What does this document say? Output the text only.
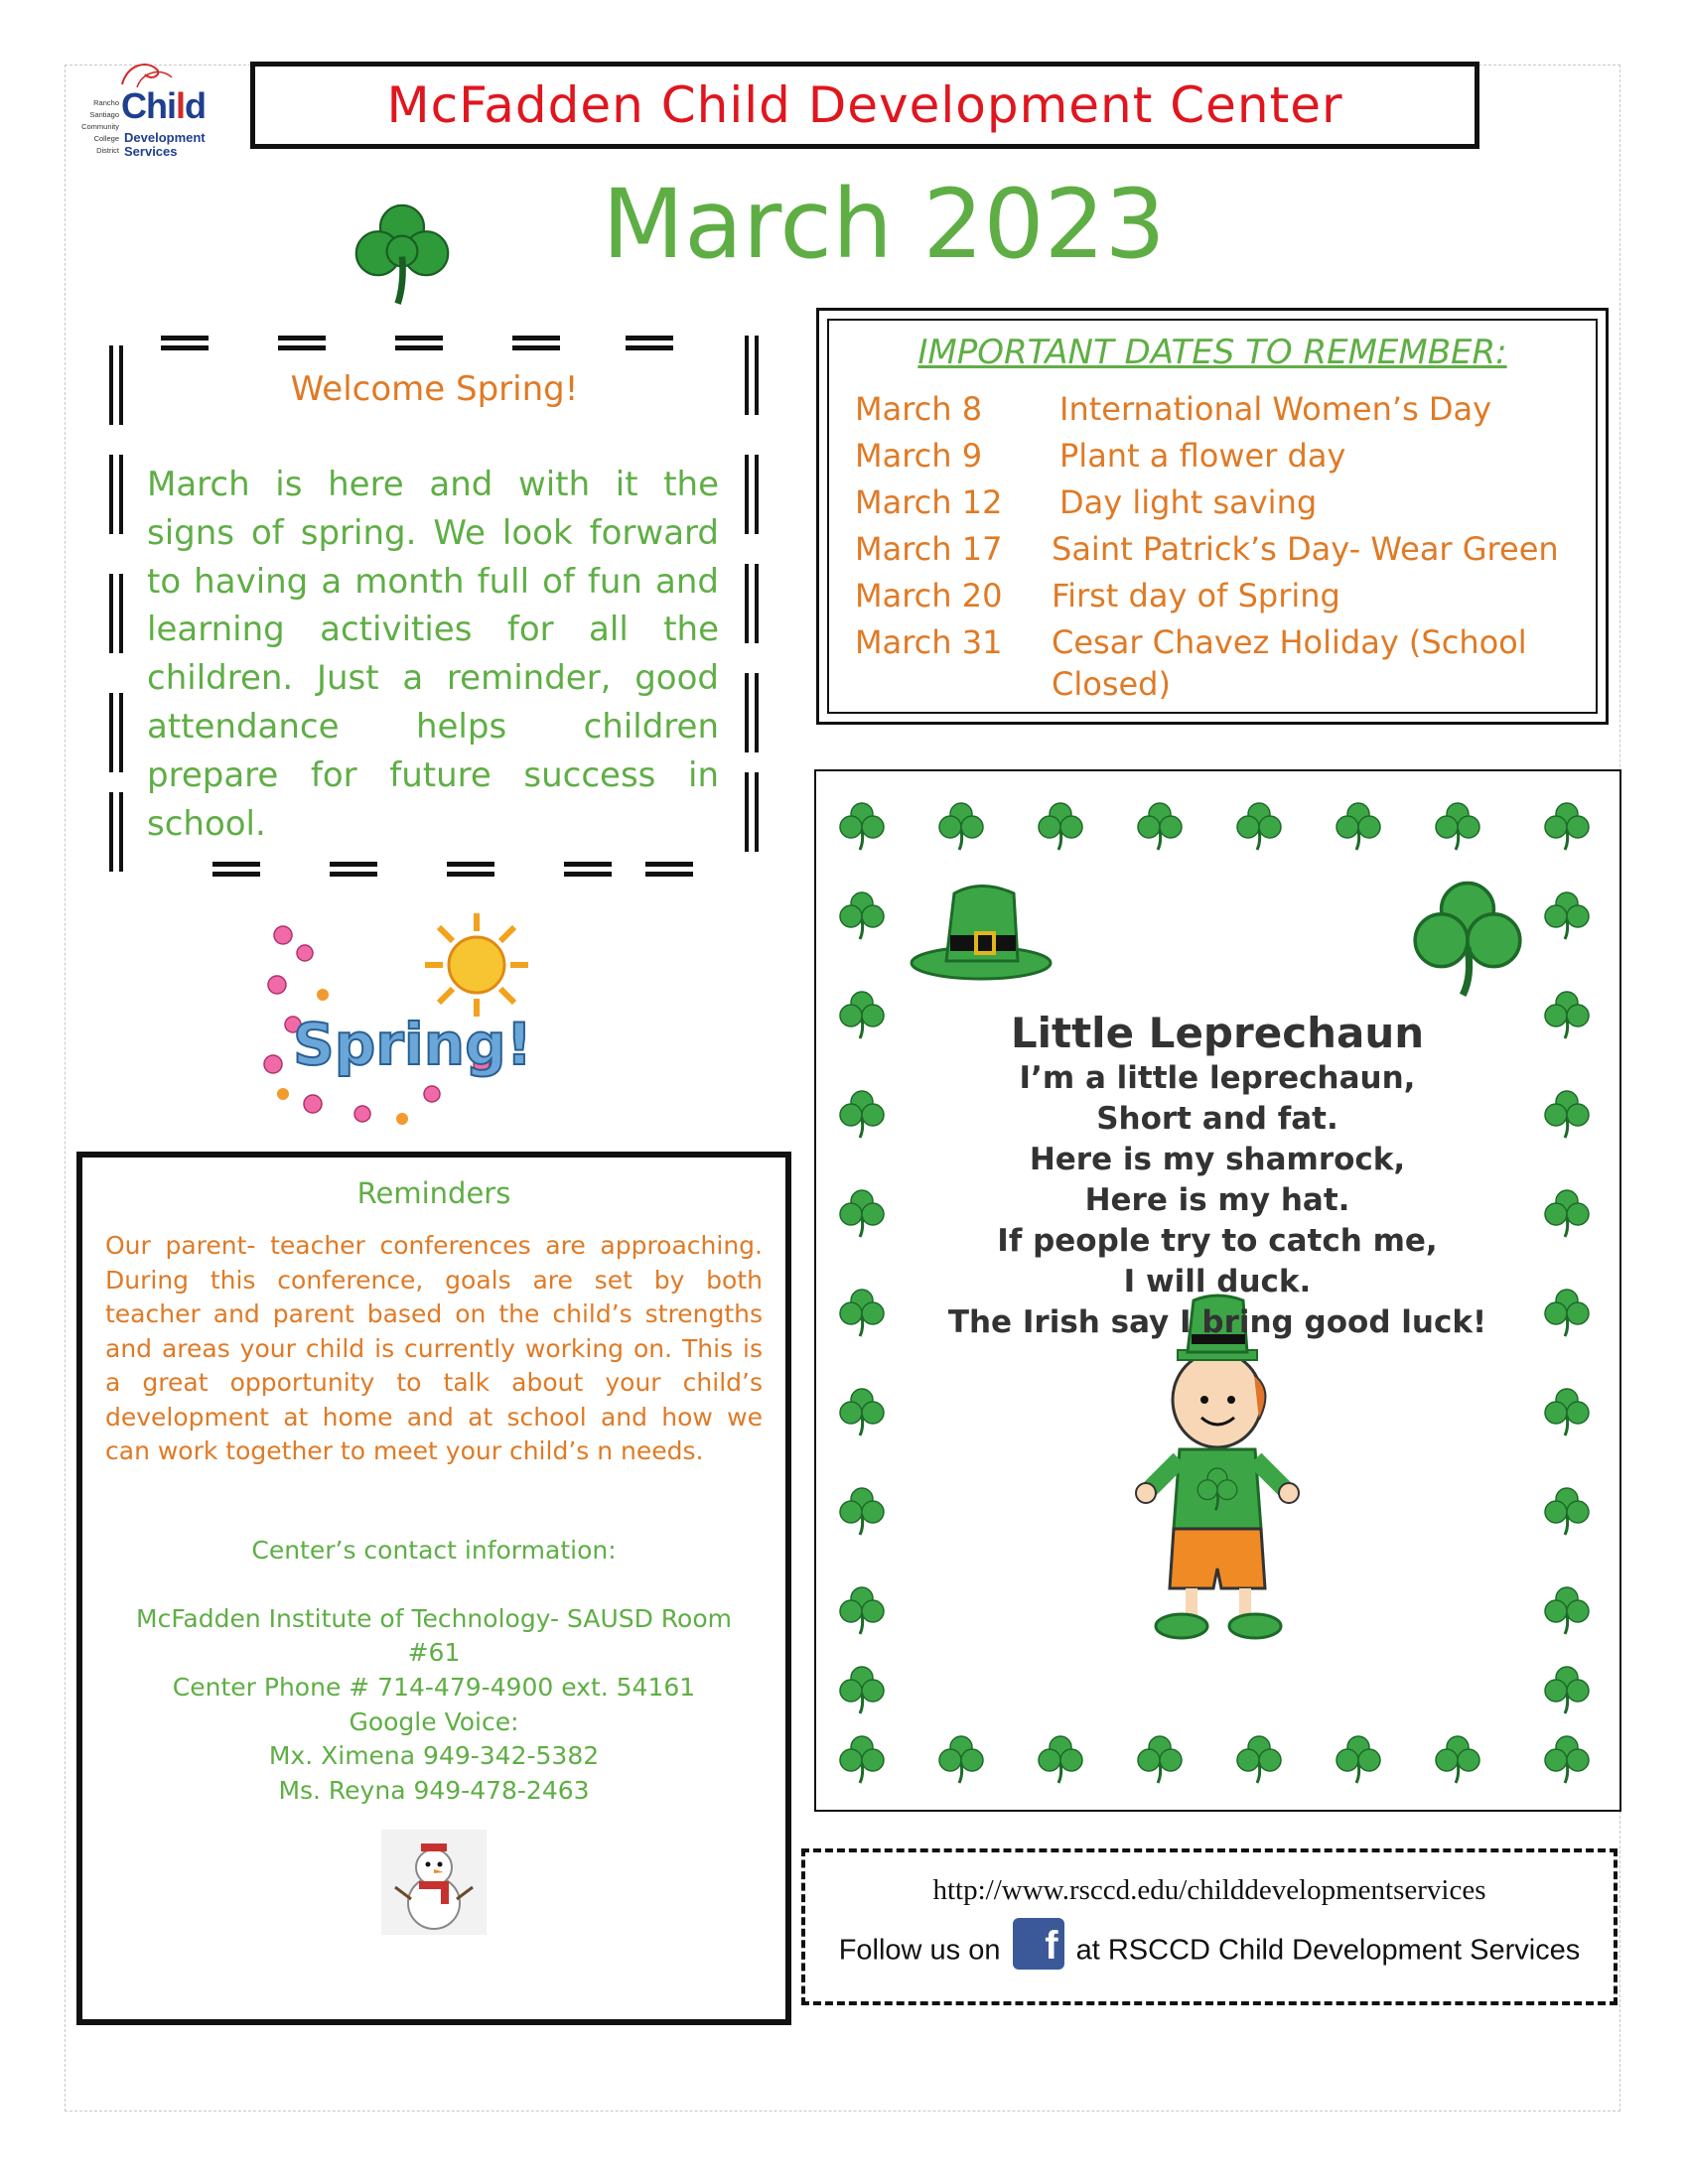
Rancho
Santiago
Community
College
District
Child
Development
Services
McFadden Child Development Center
March 2023
Welcome Spring!
March is here and with it the signs of spring. We look forward to having a month full of fun and learning activities for all the children. Just a reminder, good attendance helps children prepare for future success in school.
IMPORTANT DATES TO REMEMBER:
March 8 International Women’s Day
March 9 Plant a flower day
March 12 Day light saving
March 17 Saint Patrick’s Day- Wear Green
March 20 First day of Spring
March 31 Cesar Chavez Holiday (School
Closed)
Little Leprechaun
I’m a little leprechaun,
Short and fat.
Here is my shamrock,
Here is my hat.
If people try to catch me,
I will duck.
The Irish say I bring good luck!
Spring!
Reminders
Our parent- teacher conferences are approaching. During this conference, goals are set by both teacher and parent based on the child’s strengths and areas your child is currently working on. This is a great opportunity to talk about your child’s development at home and at school and how we can work together to meet your child’s n needs.
Center’s contact information:
McFadden Institute of Technology- SAUSD Room
#61
Center Phone # 714-479-4900 ext. 54161
Google Voice:
Mx. Ximena 949-342-5382
Ms. Reyna 949-478-2463
http://www.rsccd.edu/childdevelopmentservices
Follow us on f at RSCCD Child Development Services
